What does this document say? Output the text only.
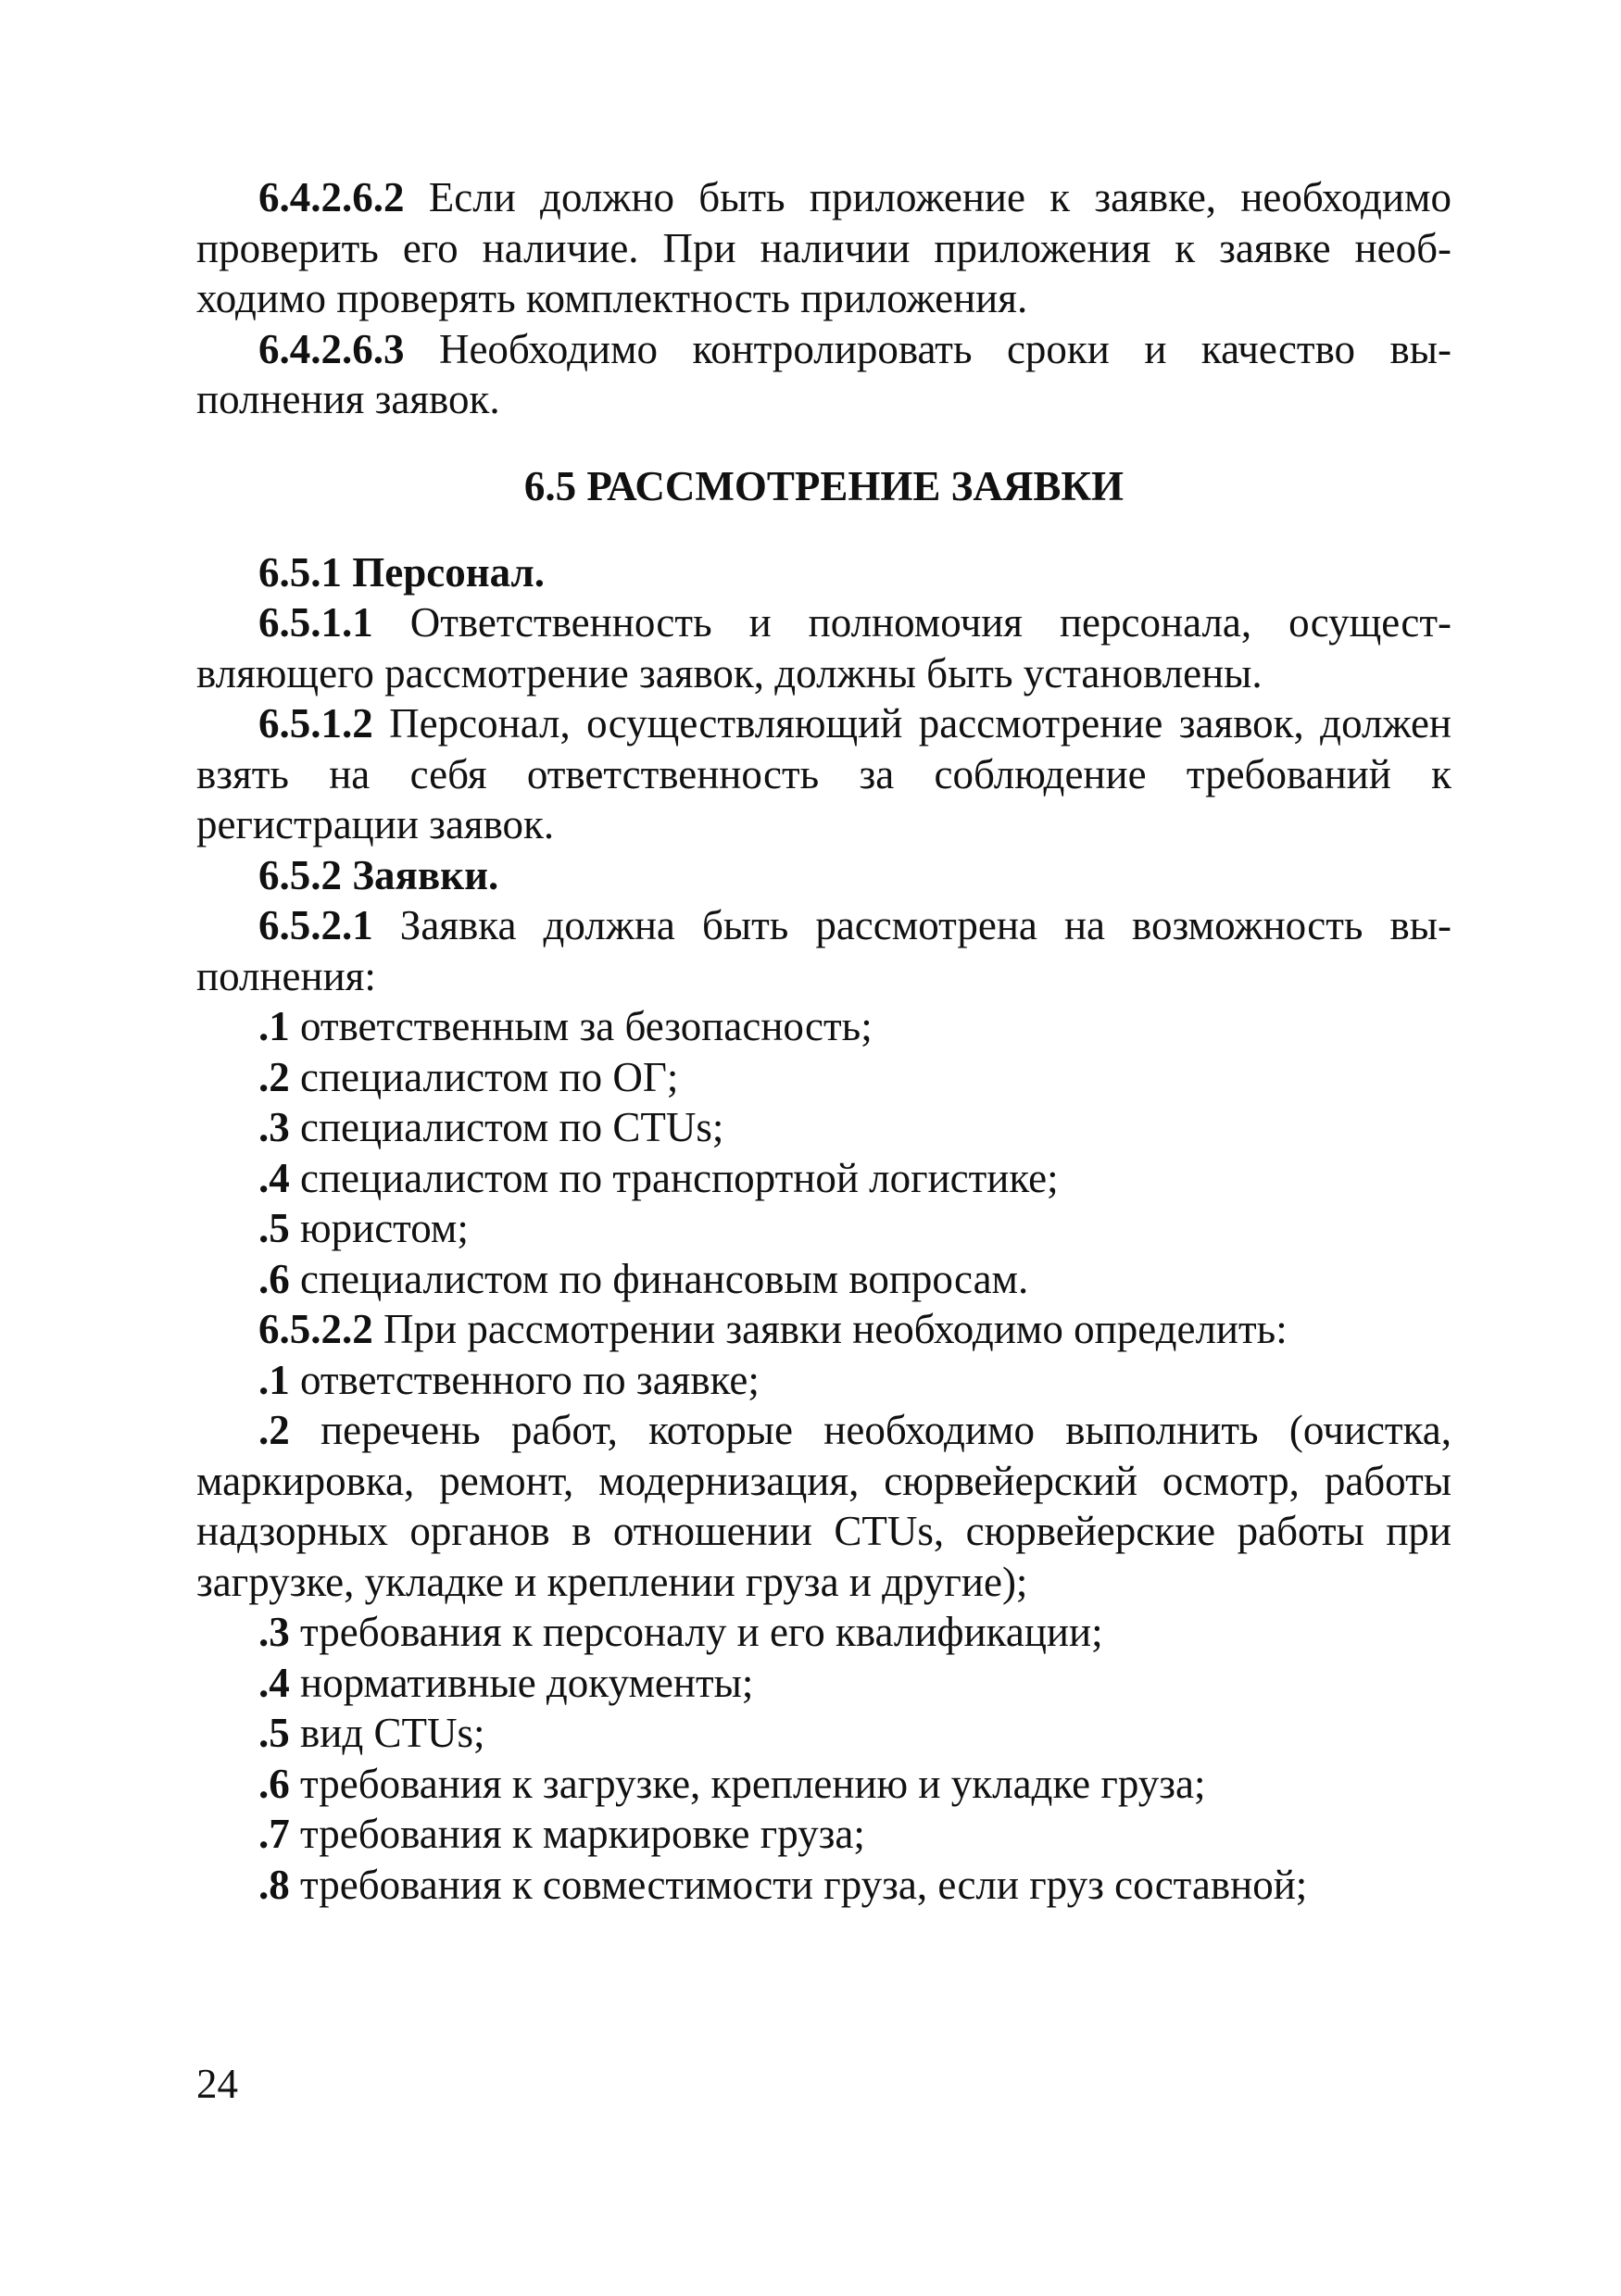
6.4.2.6.2 Если должно быть приложение к заявке, необходимо проверить его наличие. При наличии приложения к заявке необходимо проверять комплектность приложения.

6.4.2.6.3 Необходимо контролировать сроки и качество выполнения заявок.

6.5 РАССМОТРЕНИЕ ЗАЯВКИ

6.5.1 Персонал.

6.5.1.1 Ответственность и полномочия персонала, осуществляющего рассмотрение заявок, должны быть установлены.

6.5.1.2 Персонал, осуществляющий рассмотрение заявок, должен взять на себя ответственность за соблюдение требований к регистрации заявок.

6.5.2 Заявки.

6.5.2.1 Заявка должна быть рассмотрена на возможность выполнения:

.1 ответственным за безопасность;

.2 специалистом по ОГ;

.3 специалистом по CTUs;

.4 специалистом по транспортной логистике;

.5 юристом;

.6 специалистом по финансовым вопросам.

6.5.2.2 При рассмотрении заявки необходимо определить:

.1 ответственного по заявке;

.2 перечень работ, которые необходимо выполнить (очистка, маркировка, ремонт, модернизация, сюрвейерский осмотр, работы надзорных органов в отношении CTUs, сюрвейерские работы при загрузке, укладке и креплении груза и другие);

.3 требования к персоналу и его квалификации;

.4 нормативные документы;

.5 вид CTUs;

.6 требования к загрузке, креплению и укладке груза;

.7 требования к маркировке груза;

.8 требования к совместимости груза, если груз составной;

24
